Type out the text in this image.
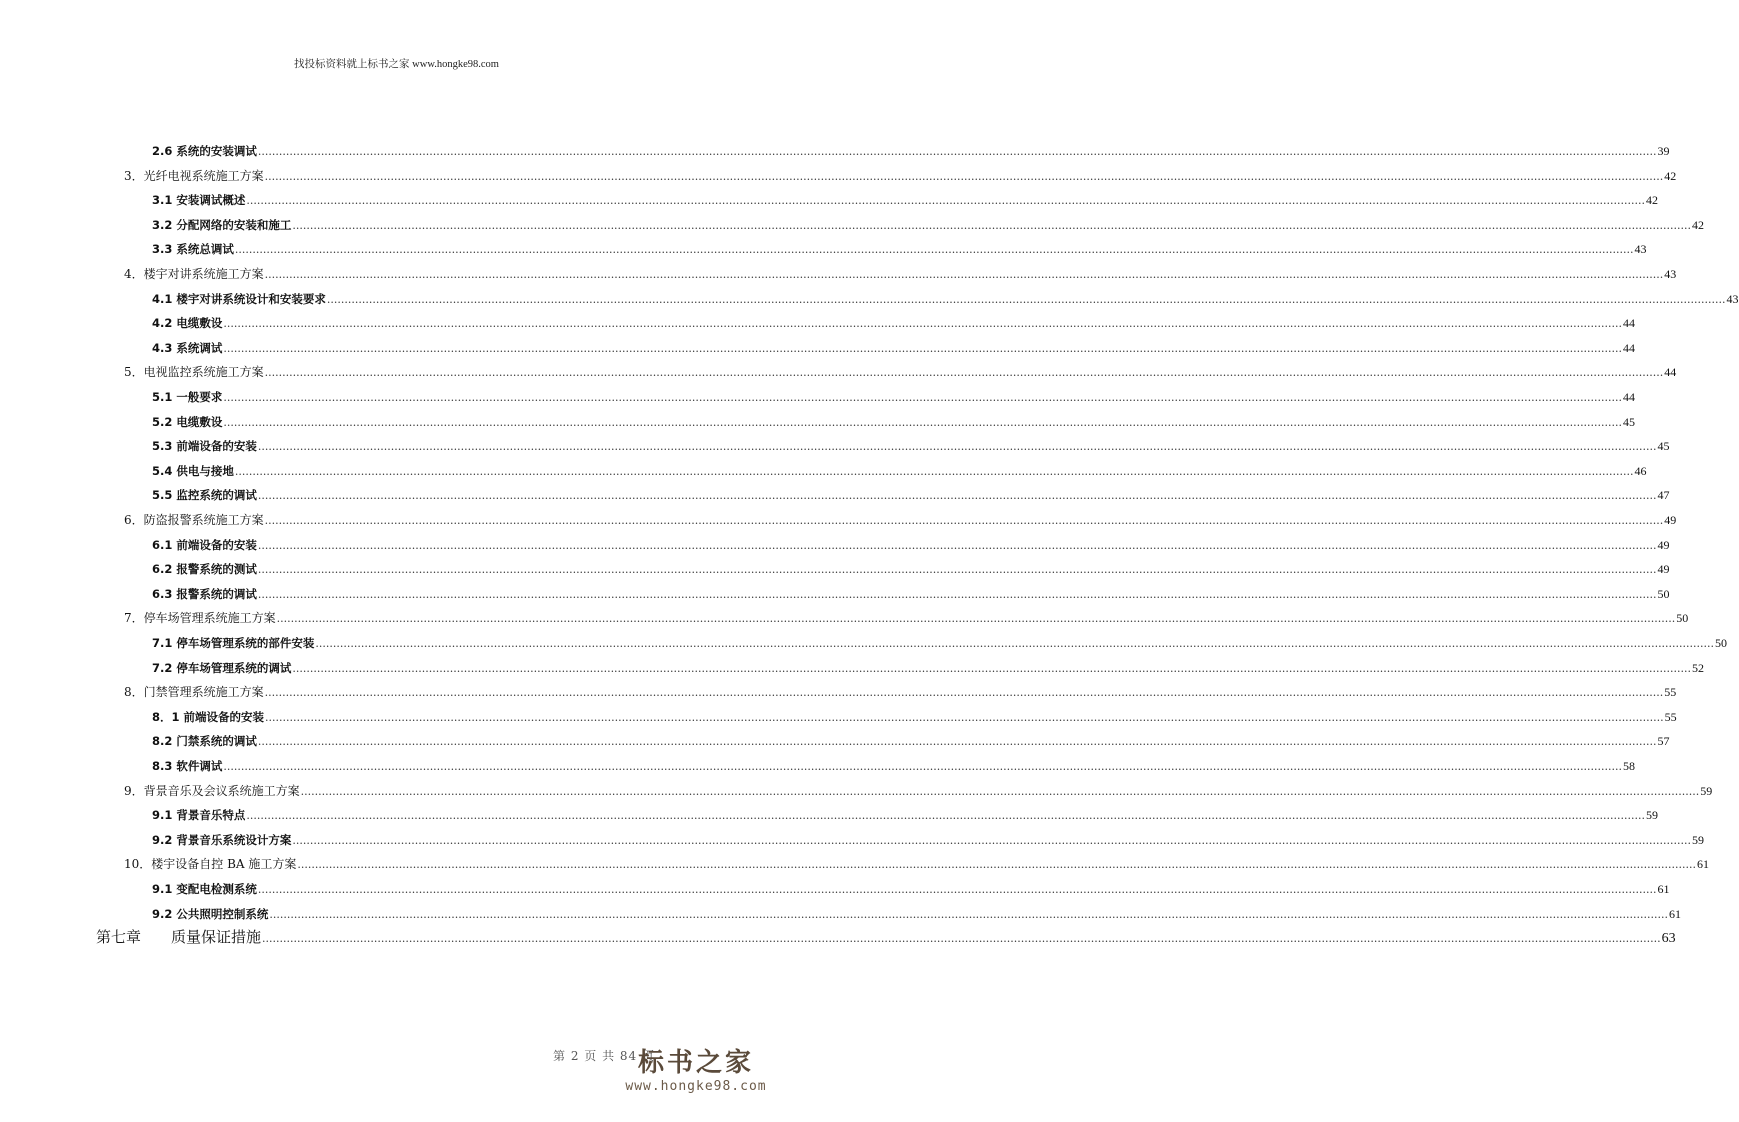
找投标资料就上标书之家 www.hongke98.com
2.6 系统的安装调试 ................................................................................................................................................................................................................................................................................................................................................................................................................ 39
3．光纤电视系统施工方案 ................................................................................................................................................................................................................................................................................................................................................................................................................ 42
3.1 安装调试概述 ................................................................................................................................................................................................................................................................................................................................................................................................................ 42
3.2 分配网络的安装和施工 ................................................................................................................................................................................................................................................................................................................................................................................................................ 42
3.3 系统总调试 ................................................................................................................................................................................................................................................................................................................................................................................................................ 43
4．楼宇对讲系统施工方案 ................................................................................................................................................................................................................................................................................................................................................................................................................ 43
4.1 楼宇对讲系统设计和安装要求 ................................................................................................................................................................................................................................................................................................................................................................................................................ 43
4.2 电缆敷设 ................................................................................................................................................................................................................................................................................................................................................................................................................ 44
4.3 系统调试 ................................................................................................................................................................................................................................................................................................................................................................................................................ 44
5．电视监控系统施工方案 ................................................................................................................................................................................................................................................................................................................................................................................................................ 44
5.1 一般要求 ................................................................................................................................................................................................................................................................................................................................................................................................................ 44
5.2 电缆敷设 ................................................................................................................................................................................................................................................................................................................................................................................................................ 45
5.3 前端设备的安装 ................................................................................................................................................................................................................................................................................................................................................................................................................ 45
5.4 供电与接地 ................................................................................................................................................................................................................................................................................................................................................................................................................ 46
5.5 监控系统的调试 ................................................................................................................................................................................................................................................................................................................................................................................................................ 47
6．防盗报警系统施工方案 ................................................................................................................................................................................................................................................................................................................................................................................................................ 49
6.1 前端设备的安装 ................................................................................................................................................................................................................................................................................................................................................................................................................ 49
6.2 报警系统的测试 ................................................................................................................................................................................................................................................................................................................................................................................................................ 49
6.3 报警系统的调试 ................................................................................................................................................................................................................................................................................................................................................................................................................ 50
7．停车场管理系统施工方案 ................................................................................................................................................................................................................................................................................................................................................................................................................ 50
7.1 停车场管理系统的部件安装 ................................................................................................................................................................................................................................................................................................................................................................................................................ 50
7.2 停车场管理系统的调试 ................................................................................................................................................................................................................................................................................................................................................................................................................ 52
8．门禁管理系统施工方案 ................................................................................................................................................................................................................................................................................................................................................................................................................ 55
8．1 前端设备的安装 ................................................................................................................................................................................................................................................................................................................................................................................................................ 55
8.2 门禁系统的调试 ................................................................................................................................................................................................................................................................................................................................................................................................................ 57
8.3 软件调试 ................................................................................................................................................................................................................................................................................................................................................................................................................ 58
9．背景音乐及会议系统施工方案 ................................................................................................................................................................................................................................................................................................................................................................................................................ 59
9.1 背景音乐特点 ................................................................................................................................................................................................................................................................................................................................................................................................................ 59
9.2 背景音乐系统设计方案 ................................................................................................................................................................................................................................................................................................................................................................................................................ 59
10．楼宇设备自控 BA 施工方案 ................................................................................................................................................................................................................................................................................................................................................................................................................ 61
9.1 变配电检测系统 ................................................................................................................................................................................................................................................................................................................................................................................................................ 61
9.2 公共照明控制系统 ................................................................................................................................................................................................................................................................................................................................................................................................................ 61
第七章　　质量保证措施 ................................................................................................................................................................................................................................................................................................................................................................................................................ 63
第 2 页 共 84 页
标书之家
www.hongke98.com
